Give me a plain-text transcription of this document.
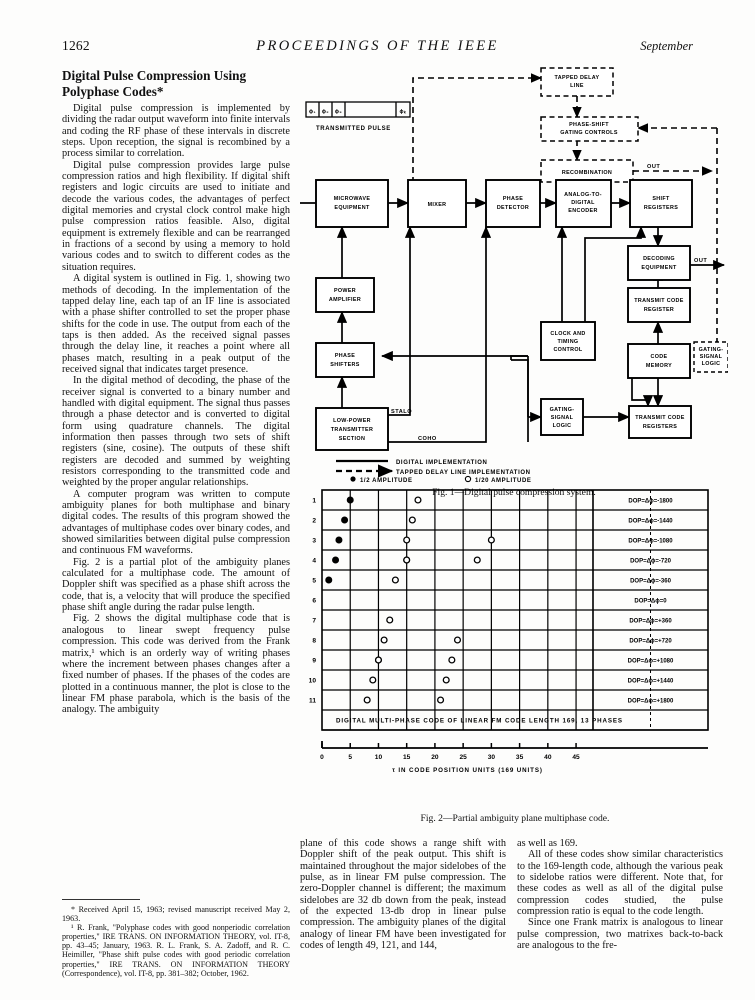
1262	PROCEEDINGS OF THE IEEE	September
Digital Pulse Compression Using
Polyphase Codes*

Digital pulse compression is implemented by dividing the radar output waveform into finite intervals and coding the RF phase of these intervals in discrete steps. Upon reception, the signal is recombined by a process similar to correlation.

Digital pulse compression provides large pulse compression ratios and high flexibility. If digital shift registers and logic circuits are used to initiate and decode the various codes, the advantages of perfect digital memories and crystal clock control make high pulse compression ratios feasible. Also, digital equipment is extremely flexible and can be rearranged in fractions of a second by using a memory to hold various codes and to switch to different codes as the situation requires.

A digital system is outlined in Fig. 1, showing two methods of decoding. In the implementation of the tapped delay line, each tap of an IF line is associated with a phase shifter controlled to set the proper phase shifts for the code in use. The output from each of the taps is then added. As the received signal passes through the delay line, it reaches a point where all phases match, resulting in a peak output of the received signal that indicates target presence.

In the digital method of decoding, the phase of the receiver signal is converted to a binary number and handled with digital equipment. The signal thus passes through a phase detector and is converted to digital form using quadrature channels. The digital information then passes through two sets of shift registers (sine, cosine). The outputs of these shift registers are decoded and summed by weighting resistors corresponding to the transmitted code and weighted by the proper angular relationships.

A computer program was written to compute ambiguity planes for both multiphase and binary digital codes. The results of this program showed the advantages of multiphase codes over binary codes, and showed similarities between digital pulse compression and continuous FM waveforms.

Fig. 2 is a partial plot of the ambiguity planes calculated for a multiphase code. The amount of Doppler shift was specified as a phase shift across the code, that is, a velocity that will produce the specified phase shift angle during the radar pulse length.

Fig. 2 shows the digital multiphase code that is analogous to linear swept frequency pulse compression. This code was derived from the Frank matrix,¹ which is an orderly way of writing phases where the increment between phases changes after a fixed number of phases. If the phases of the codes are plotted in a continuous manner, the plot is close to the linear FM phase parabola, which is the basis of the analogy. The ambiguity

* Received April 15, 1963; revised manuscript received May 2, 1963.

¹ R. Frank, "Polyphase codes with good nonperiodic correlation properties," IRE TRANS. ON INFORMATION THEORY, vol. IT-8, pp. 43–45; January, 1963. R. L. Frank, S. A. Zadoff, and R. C. Heimiller, "Phase shift pulse codes with good periodic correlation properties," IRE TRANS. ON INFORMATION THEORY (Correspondence), vol. IT-8, pp. 381–382; October, 1962.

plane of this code shows a range shift with Doppler shift of the peak output. This shift is maintained throughout the major sidelobes of the pulse, as in linear FM pulse compression. The zero-Doppler channel is different; the maximum sidelobes are 32 db down from the peak, instead of the expected 13-db drop in linear pulse compression. The ambiguity planes of the digital analogy of linear FM have been investigated for codes of length 49, 121, and 144,

as well as 169.

All of these codes show similar characteristics to the 169-length code, although the various peak to sidelobe ratios were different. Note that, for these codes as well as all of the digital pulse compression codes studied, the pulse compression ratio is equal to the code length.

Since one Frank matrix is analogous to linear pulse compression, two matrixes back-to-back are analogous to the fre-

TAPPED DELAY
LINE
PHASE-SHIFT
GATING CONTROLS
RECOMBINATION
MICROWAVE
EQUIPMENT	MIXER
PHASE
DETECTOR
ANALOG-TO-
DIGITAL
ENCODER
SHIFT
REGISTERS
POWER
AMPLIFIER
CLOCK AND
TIMING
CONTROL
DECODING
EQUIPMENT
PHASE
SHIFTERS
TRANSMIT CODE
REGISTER
CODE
MEMORY
GATING-
SIGNAL
LOGIC
LOW-POWER
TRANSMITTER
SECTION
GATING-
SIGNAL
LOGIC
TRANSMIT CODE
REGISTERS
ϕ₁ ϕ₂ ϕ₃	ϕₖ
TRANSMITTED PULSE
STALO
COHO
OUT
OUT
DIGITAL IMPLEMENTATION
TAPPED DELAY LINE IMPLEMENTATION
Fig. 1—Digital pulse compression system.
1/2 AMPLITUDE	1/20 AMPLITUDE
1
2
3
4
5
6
7
8
9
10
11
DOP=Δϕ=-1800
DOP=Δϕ=-1440
DOP=Δϕ=-1080
DOP=Δϕ=-720
DOP=Δϕ=-360
DOP=Δϕ=0
DOP=Δϕ=+360
DOP=Δϕ=+720
DOP=Δϕ=+1080
DOP=Δϕ=+1440
DOP=Δϕ=+1800
0	5	10	15	20	25	30	35	40	45
DIGITAL MULTI-PHASE CODE OF LINEAR FM CODE LENGTH 169, 13 PHASES
τ IN CODE POSITION UNITS (169 UNITS)
Fig. 2—Partial ambiguity plane multiphase code.
